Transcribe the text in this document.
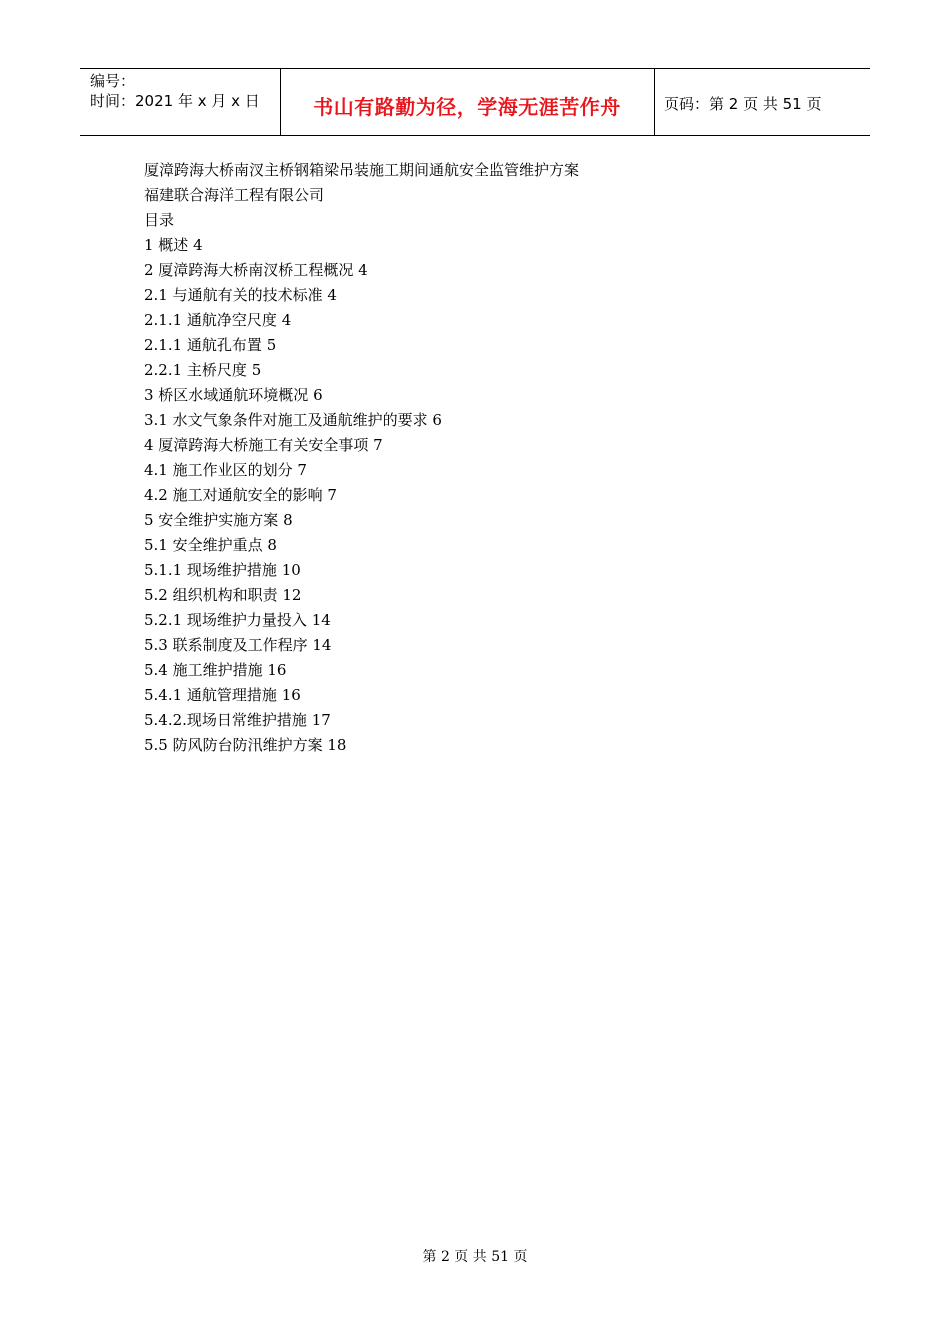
编号：
时间：2021 年 x 月 x 日	书山有路勤为径，学海无涯苦作舟	页码：第 2 页 共 51 页
厦漳跨海大桥南汊主桥钢箱梁吊装施工期间通航安全监管维护方案
福建联合海洋工程有限公司
目录
1 概述 4
2 厦漳跨海大桥南汊桥工程概况 4
2.1 与通航有关的技术标准 4
2.1.1 通航净空尺度 4
2.1.1 通航孔布置 5
2.2.1 主桥尺度 5
3 桥区水域通航环境概况 6
3.1 水文气象条件对施工及通航维护的要求 6
4 厦漳跨海大桥施工有关安全事项 7
4.1 施工作业区的划分 7
4.2 施工对通航安全的影响 7
5 安全维护实施方案 8
5.1 安全维护重点 8
5.1.1 现场维护措施 10
5.2 组织机构和职责 12
5.2.1 现场维护力量投入 14
5.3 联系制度及工作程序 14
5.4 施工维护措施 16
5.4.1 通航管理措施 16
5.4.2.现场日常维护措施 17
5.5 防风防台防汛维护方案 18
第 2 页 共 51 页
